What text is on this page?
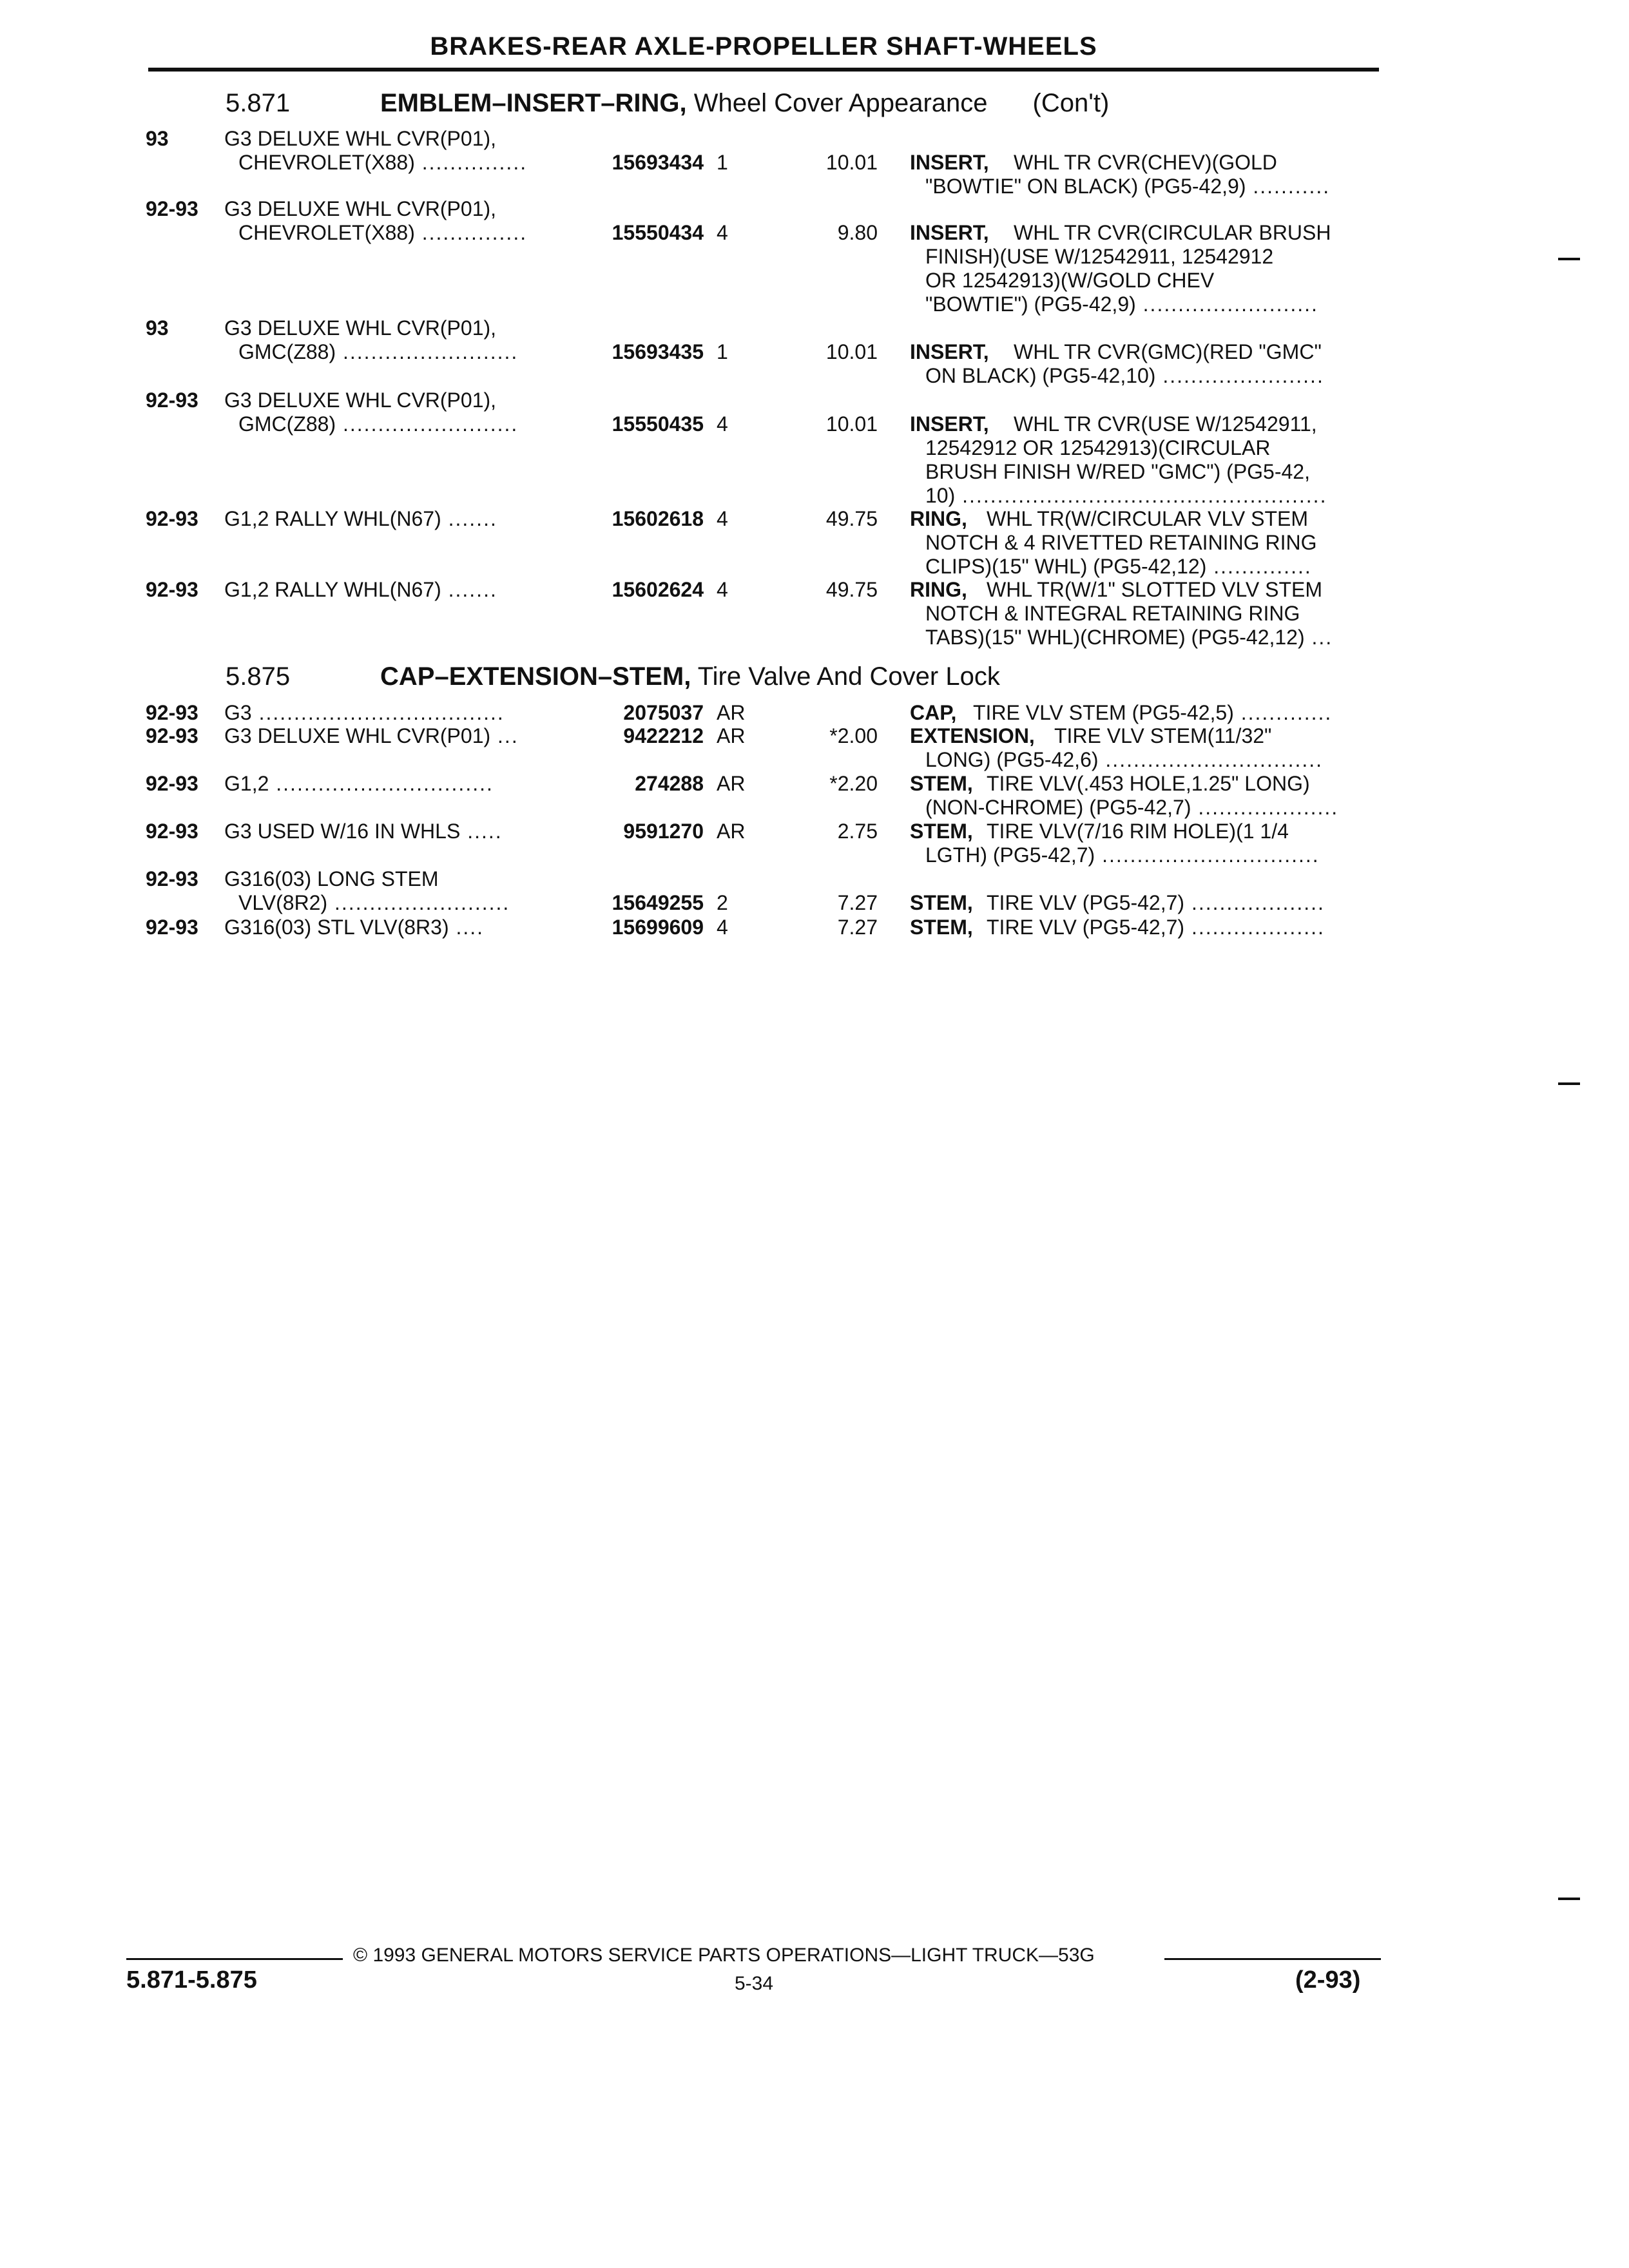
BRAKES-REAR AXLE-PROPELLER SHAFT-WHEELS
5.871	EMBLEM–INSERT–RING, Wheel Cover Appearance (Con't)
5.875	CAP–EXTENSION–STEM, Tire Valve And Cover Lock
93	G3 DELUXE WHL CVR(P01),
CHEVROLET(X88) ...............	15693434 1	10.01 INSERT, WHL TR CVR(CHEV)(GOLD
"BOWTIE" ON BLACK) (PG5-42,9) ...........
92-93 G3 DELUXE WHL CVR(P01),
CHEVROLET(X88) ...............	15550434 4	9.80 INSERT, WHL TR CVR(CIRCULAR BRUSH
FINISH)(USE W/12542911, 12542912
OR 12542913)(W/GOLD CHEV
"BOWTIE") (PG5-42,9) .........................
93	G3 DELUXE WHL CVR(P01),
GMC(Z88) .........................	15693435 1	10.01 INSERT, WHL TR CVR(GMC)(RED "GMC"
ON BLACK) (PG5-42,10) .......................
92-93 G3 DELUXE WHL CVR(P01),
GMC(Z88) .........................	15550435 4	10.01 INSERT, WHL TR CVR(USE W/12542911,
12542912 OR 12542913)(CIRCULAR
BRUSH FINISH W/RED "GMC") (PG5-42,
10) ....................................................
92-93 G1,2 RALLY WHL(N67) .......	15602618 4	49.75 RING, WHL TR(W/CIRCULAR VLV STEM
NOTCH & 4 RIVETTED RETAINING RING
CLIPS)(15" WHL) (PG5-42,12) ..............
92-93 G1,2 RALLY WHL(N67) .......	15602624 4	49.75 RING, WHL TR(W/1" SLOTTED VLV STEM
NOTCH & INTEGRAL RETAINING RING
TABS)(15" WHL)(CHROME) (PG5-42,12) ...
92-93 G3 ...................................	2075037 AR	CAP, TIRE VLV STEM (PG5-42,5) .............
92-93 G3 DELUXE WHL CVR(P01) ...	9422212 AR	*2.00 EXTENSION, TIRE VLV STEM(11/32"
LONG) (PG5-42,6) ...............................
92-93 G1,2 ...............................	274288 AR	*2.20 STEM, TIRE VLV(.453 HOLE,1.25" LONG)
(NON-CHROME) (PG5-42,7) ....................
92-93 G3 USED W/16 IN WHLS .....	9591270 AR	2.75 STEM, TIRE VLV(7/16 RIM HOLE)(1 1/4
LGTH) (PG5-42,7) ...............................
92-93 G316(03) LONG STEM
VLV(8R2) .........................	15649255 2	7.27 STEM, TIRE VLV (PG5-42,7) ...................
92-93 G316(03) STL VLV(8R3) ....	15699609 4	7.27 STEM, TIRE VLV (PG5-42,7) ...................
© 1993 GENERAL MOTORS SERVICE PARTS OPERATIONS—LIGHT TRUCK—53G
5.871-5.875	5-34	(2-93)
